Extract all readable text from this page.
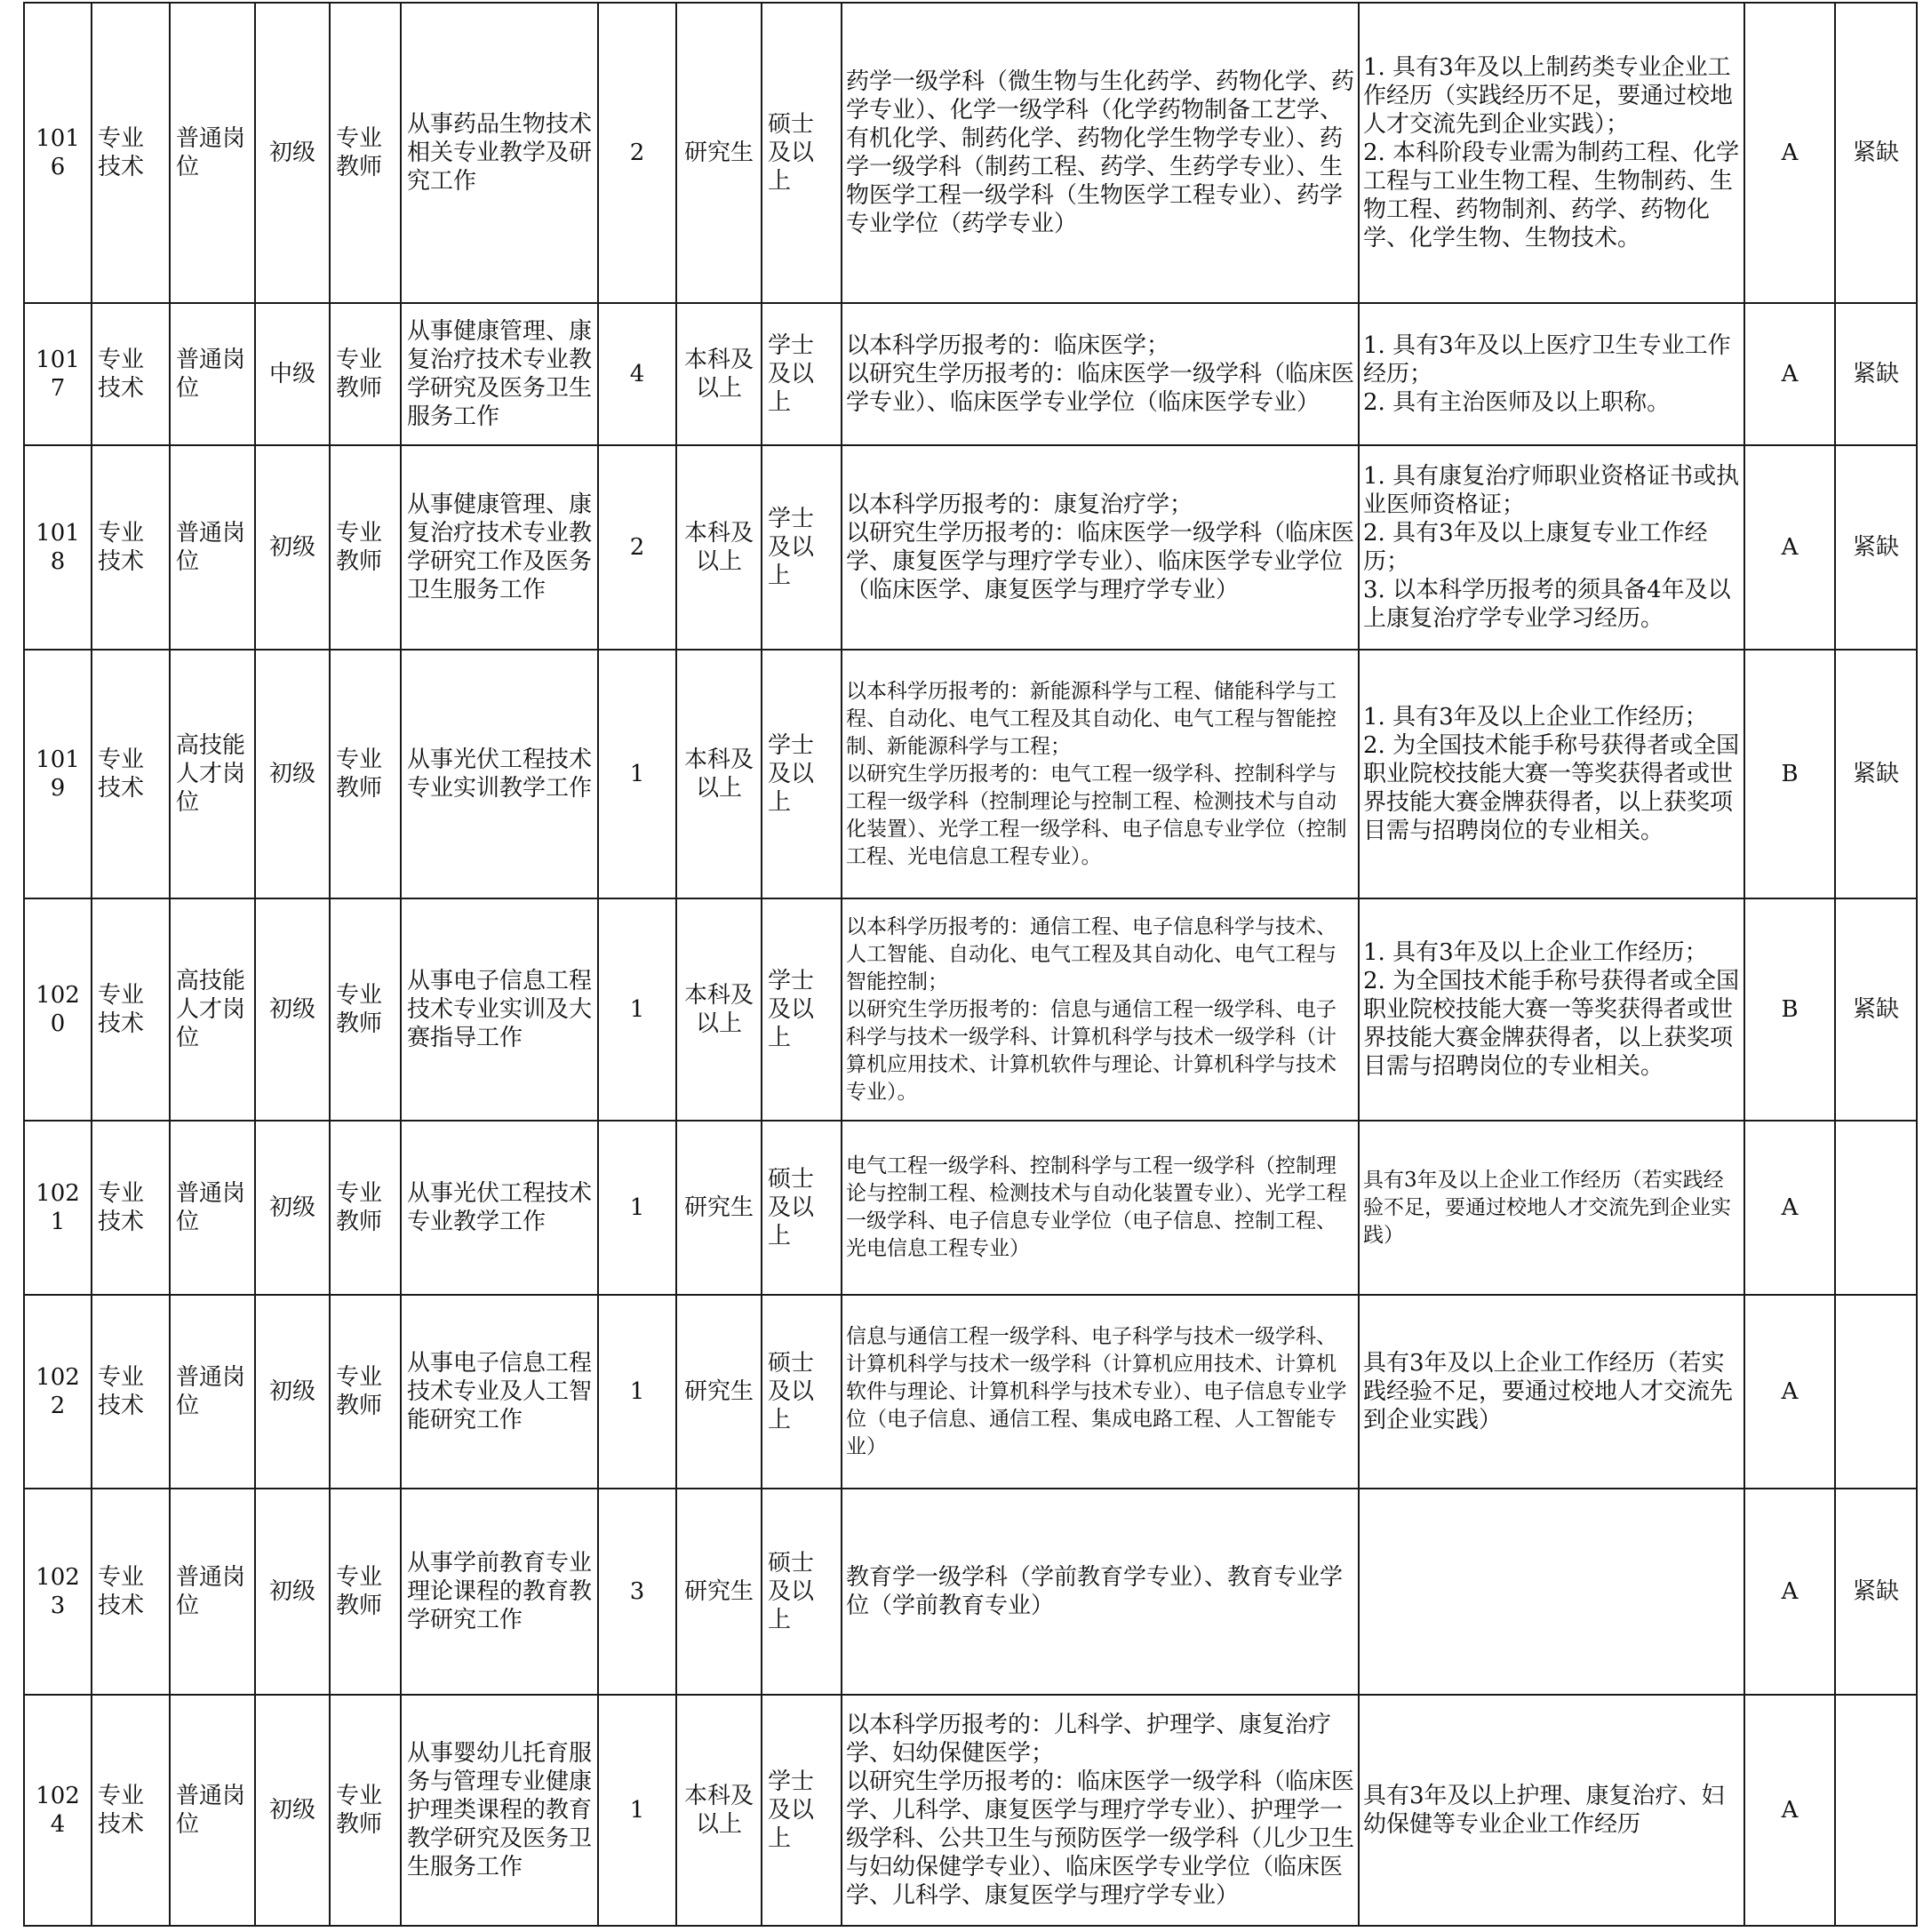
1016	专业技术	普通岗位	初级	专业教师	从事药品生物技术相关专业教学及研究工作	2	研究生	硕士及以上	药学一级学科（微生物与生化药学、药物化学、药学专业）、化学一级学科（化学药物制备工艺学、有机化学、制药化学、药物化学生物学专业）、药学一级学科（制药工程、药学、生药学专业）、生物医学工程一级学科（生物医学工程专业）、药学专业学位（药学专业）	1. 具有3年及以上制药类专业企业工作经历（实践经历不足，要通过校地人才交流先到企业实践）；
2. 本科阶段专业需为制药工程、化学工程与工业生物工程、生物制药、生物工程、药物制剂、药学、药物化学、化学生物、生物技术。	A	紧缺
1017	专业技术	普通岗位	中级	专业教师	从事健康管理、康复治疗技术专业教学研究及医务卫生服务工作	4	本科及以上	学士及以上	以本科学历报考的：临床医学；
以研究生学历报考的：临床医学一级学科（临床医学专业）、临床医学专业学位（临床医学专业）	1. 具有3年及以上医疗卫生专业工作经历；
2. 具有主治医师及以上职称。	A	紧缺
1018	专业技术	普通岗位	初级	专业教师	从事健康管理、康复治疗技术专业教学研究工作及医务卫生服务工作	2	本科及以上	学士及以上	以本科学历报考的：康复治疗学；
以研究生学历报考的：临床医学一级学科（临床医学、康复医学与理疗学专业）、临床医学专业学位（临床医学、康复医学与理疗学专业）	1. 具有康复治疗师职业资格证书或执业医师资格证；
2. 具有3年及以上康复专业工作经历；
3. 以本科学历报考的须具备4年及以上康复治疗学专业学习经历。	A	紧缺
1019	专业技术	高技能人才岗位	初级	专业教师	从事光伏工程技术专业实训教学工作	1	本科及以上	学士及以上	以本科学历报考的：新能源科学与工程、储能科学与工程、自动化、电气工程及其自动化、电气工程与智能控制、新能源科学与工程；
以研究生学历报考的：电气工程一级学科、控制科学与工程一级学科（控制理论与控制工程、检测技术与自动化装置）、光学工程一级学科、电子信息专业学位（控制工程、光电信息工程专业）。	1. 具有3年及以上企业工作经历；
2. 为全国技术能手称号获得者或全国职业院校技能大赛一等奖获得者或世界技能大赛金牌获得者，以上获奖项目需与招聘岗位的专业相关。	B	紧缺
1020	专业技术	高技能人才岗位	初级	专业教师	从事电子信息工程技术专业实训及大赛指导工作	1	本科及以上	学士及以上	以本科学历报考的：通信工程、电子信息科学与技术、人工智能、自动化、电气工程及其自动化、电气工程与智能控制；
以研究生学历报考的：信息与通信工程一级学科、电子科学与技术一级学科、计算机科学与技术一级学科（计算机应用技术、计算机软件与理论、计算机科学与技术专业）。	1. 具有3年及以上企业工作经历；
2. 为全国技术能手称号获得者或全国职业院校技能大赛一等奖获得者或世界技能大赛金牌获得者，以上获奖项目需与招聘岗位的专业相关。	B	紧缺
1021	专业技术	普通岗位	初级	专业教师	从事光伏工程技术专业教学工作	1	研究生	硕士及以上	电气工程一级学科、控制科学与工程一级学科（控制理论与控制工程、检测技术与自动化装置专业）、光学工程一级学科、电子信息专业学位（电子信息、控制工程、光电信息工程专业）	具有3年及以上企业工作经历（若实践经验不足，要通过校地人才交流先到企业实践）	A	
1022	专业技术	普通岗位	初级	专业教师	从事电子信息工程技术专业及人工智能研究工作	1	研究生	硕士及以上	信息与通信工程一级学科、电子科学与技术一级学科、计算机科学与技术一级学科（计算机应用技术、计算机软件与理论、计算机科学与技术专业）、电子信息专业学位（电子信息、通信工程、集成电路工程、人工智能专业）	具有3年及以上企业工作经历（若实践经验不足，要通过校地人才交流先到企业实践）	A	
1023	专业技术	普通岗位	初级	专业教师	从事学前教育专业理论课程的教育教学研究工作	3	研究生	硕士及以上	教育学一级学科（学前教育学专业）、教育专业学位（学前教育专业）		A	紧缺
1024	专业技术	普通岗位	初级	专业教师	从事婴幼儿托育服务与管理专业健康护理类课程的教育教学研究及医务卫生服务工作	1	本科及以上	学士及以上	以本科学历报考的：儿科学、护理学、康复治疗学、妇幼保健医学；
以研究生学历报考的：临床医学一级学科（临床医学、儿科学、康复医学与理疗学专业）、护理学一级学科、公共卫生与预防医学一级学科（儿少卫生与妇幼保健学专业）、临床医学专业学位（临床医学、儿科学、康复医学与理疗学专业）	具有3年及以上护理、康复治疗、妇幼保健等专业企业工作经历	A	
